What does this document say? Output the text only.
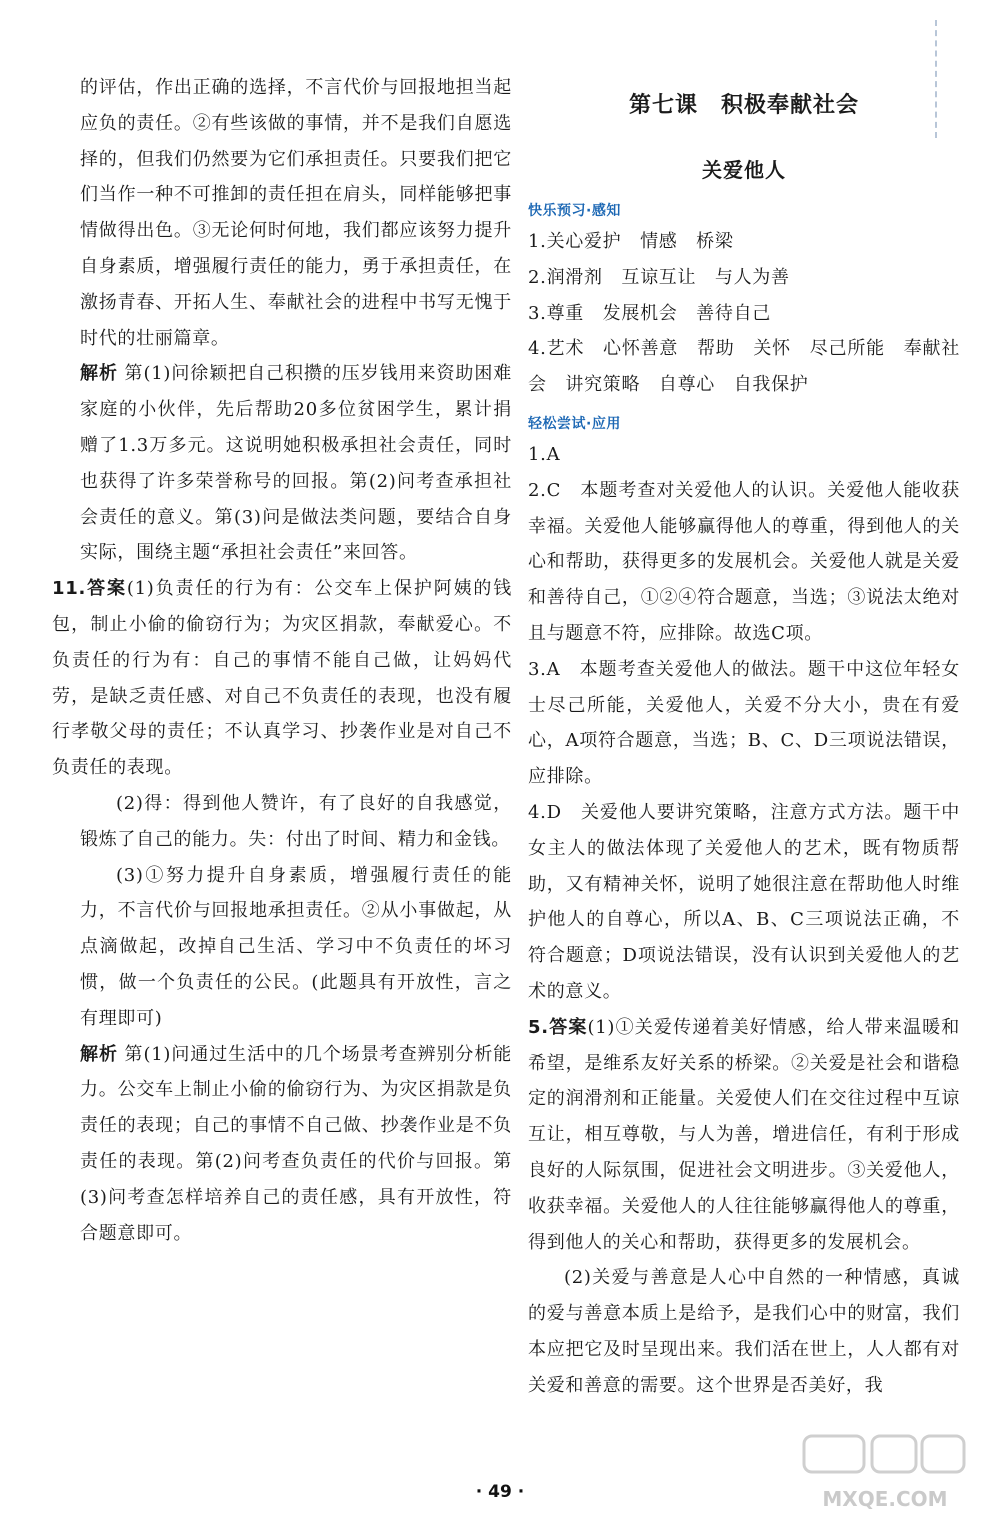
的评估，作出正确的选择，不言代价与回报地担当起应负的责任。②有些该做的事情，并不是我们自愿选择的，但我们仍然要为它们承担责任。只要我们把它们当作一种不可推卸的责任担在肩头，同样能够把事情做得出色。③无论何时何地，我们都应该努力提升自身素质，增强履行责任的能力，勇于承担责任，在激扬青春、开拓人生、奉献社会的进程中书写无愧于时代的壮丽篇章。

解析 第(1)问徐颖把自己积攒的压岁钱用来资助困难家庭的小伙伴，先后帮助20多位贫困学生，累计捐赠了1.3万多元。这说明她积极承担社会责任，同时也获得了许多荣誉称号的回报。第(2)问考查承担社会责任的意义。第(3)问是做法类问题，要结合自身实际，围绕主题“承担社会责任”来回答。

11.答案(1)负责任的行为有：公交车上保护阿姨的钱包，制止小偷的偷窃行为；为灾区捐款，奉献爱心。不负责任的行为有：自己的事情不能自己做，让妈妈代劳，是缺乏责任感、对自己不负责任的表现，也没有履行孝敬父母的责任；不认真学习、抄袭作业是对自己不负责任的表现。

(2)得：得到他人赞许，有了良好的自我感觉，锻炼了自己的能力。失：付出了时间、精力和金钱。

(3)①努力提升自身素质，增强履行责任的能力，不言代价与回报地承担责任。②从小事做起，从点滴做起，改掉自己生活、学习中不负责任的坏习惯，做一个负责任的公民。(此题具有开放性，言之有理即可)

解析 第(1)问通过生活中的几个场景考查辨别分析能力。公交车上制止小偷的偷窃行为、为灾区捐款是负责任的表现；自己的事情不自己做、抄袭作业是不负责任的表现。第(2)问考查负责任的代价与回报。第(3)问考查怎样培养自己的责任感，具有开放性，符合题意即可。

第七课　积极奉献社会
关爱他人
快乐预习·感知

1.关心爱护　情感　桥梁

2.润滑剂　互谅互让　与人为善

3.尊重　发展机会　善待自己

4.艺术　心怀善意　帮助　关怀　尽己所能　奉献社会　讲究策略　自尊心　自我保护

轻松尝试·应用

1.A

2.C　本题考查对关爱他人的认识。关爱他人能收获幸福。关爱他人能够赢得他人的尊重，得到他人的关心和帮助，获得更多的发展机会。关爱他人就是关爱和善待自己，①②④符合题意，当选；③说法太绝对且与题意不符，应排除。故选C项。

3.A　本题考查关爱他人的做法。题干中这位年轻女士尽己所能，关爱他人，关爱不分大小，贵在有爱心，A项符合题意，当选；B、C、D三项说法错误，应排除。

4.D　关爱他人要讲究策略，注意方式方法。题干中女主人的做法体现了关爱他人的艺术，既有物质帮助，又有精神关怀，说明了她很注意在帮助他人时维护他人的自尊心，所以A、B、C三项说法正确，不符合题意；D项说法错误，没有认识到关爱他人的艺术的意义。

5.答案(1)①关爱传递着美好情感，给人带来温暖和希望，是维系友好关系的桥梁。②关爱是社会和谐稳定的润滑剂和正能量。关爱使人们在交往过程中互谅互让，相互尊敬，与人为善，增进信任，有利于形成良好的人际氛围，促进社会文明进步。③关爱他人，收获幸福。关爱他人的人往往能够赢得他人的尊重，得到他人的关心和帮助，获得更多的发展机会。

(2)关爱与善意是人心中自然的一种情感，真诚的爱与善意本质上是给予，是我们心中的财富，我们本应把它及时呈现出来。我们活在世上，人人都有对关爱和善意的需要。这个世界是否美好，我

· 49 ·	MXQE.COM
